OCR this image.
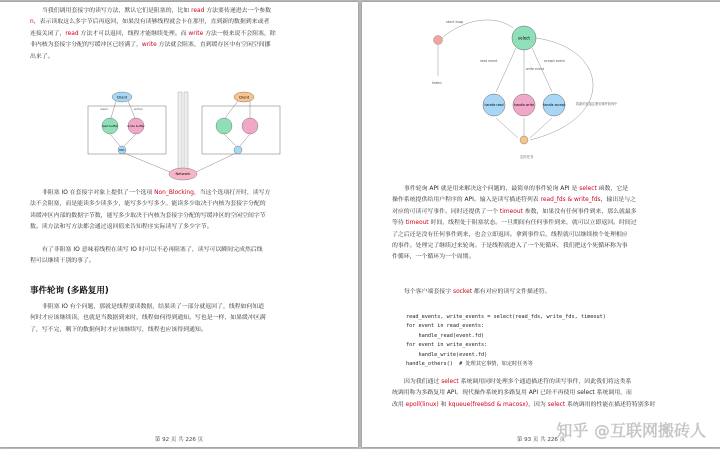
当我们调用套接字的读写方法，默认它们是阻塞的，比如 read 方法要传递进去一个参数
n，表示读取这么多字节后再返回，如果没有读够线程就会卡在那里，直到新的数据到来或者
连接关闭了，read 方法才可以返回，线程才能继续处理。而 write 方法一般来说不会阻塞，除
非内核为套接字分配的写缓冲区已经满了，write 方法就会阻塞，直到缓存区中有空闲空间挪
出来了。
Client	Client
read buffer	write buffer
NIC
Network
read()	write()
非阻塞 IO 在套接字对象上提供了一个选项 Non_Blocking，当这个选项打开时，读写方
法不会阻塞，而是能读多少读多少，能写多少写多少。能读多少取决于内核为套接字分配的
读缓冲区内部的数据字节数，能写多少取决于内核为套接字分配的写缓冲区的空闲空间字节
数。读方法和写方法都会通过返回值来告知程序实际读写了多少字节。
有了非阻塞 IO 意味着线程在读写 IO 时可以不必再阻塞了，读写可以瞬间完成然后线
程可以继续干别的事了。
事件轮询 (多路复用)
非阻塞 IO 有个问题，那就是线程要读数据，结果读了一部分就返回了，线程如何知道
何时才应该继续读。也就是当数据到来时，线程如何得到通知。写也是一样，如果缓冲区满
了，写不完，剩下的数据何时才应该继续写，线程也应该得到通知。
第 92 页 共 226 页
start loop
listen
select
read event
write event
accept event
handle read	handle write	handle accept
定时任务
将新的连接注册到事件轮询中
事件轮询 API 就是用来解决这个问题的，最简单的事件轮询 API 是 select 函数，它是
操作系统提供给用户程序的 API。输入是读写描述符列表 read_fds & write_fds，输出是与之
对应的可读可写事件。同时还提供了一个 timeout 参数，如果没有任何事件到来，那么就最多
等待 timeout 时间，线程处于阻塞状态。一旦期间有任何事件到来，就可以立即返回。时间过
了之后还是没有任何事件到来，也会立即返回。拿到事件后，线程就可以继续挨个处理相应
的事件。处理完了继续过来轮询。于是线程就进入了一个死循环，我们把这个死循环称为事
件循环，一个循环为一个周期。
每个客户端套接字 socket 都有对应的读写文件描述符。
read_events, write_events = select(read_fds, write_fds, timeout)
for event in read_events:
handle_read(event.fd)
for event in write_events:
handle_write(event.fd)
handle_others()  # 处理其它事情，如定时任务等
因为我们通过 select 系统调用同时处理多个通道描述符的读写事件，因此我们将这类系
统调用称为多路复用 API。现代操作系统的多路复用 API 已经不再使用 select 系统调用，而
改用 epoll(linux) 和 kqueue(freebsd & macosx)，因为 select 系统调用的性能在描述符特别多时
第 93 页 共 226 页
知乎 @互联网搬砖人
